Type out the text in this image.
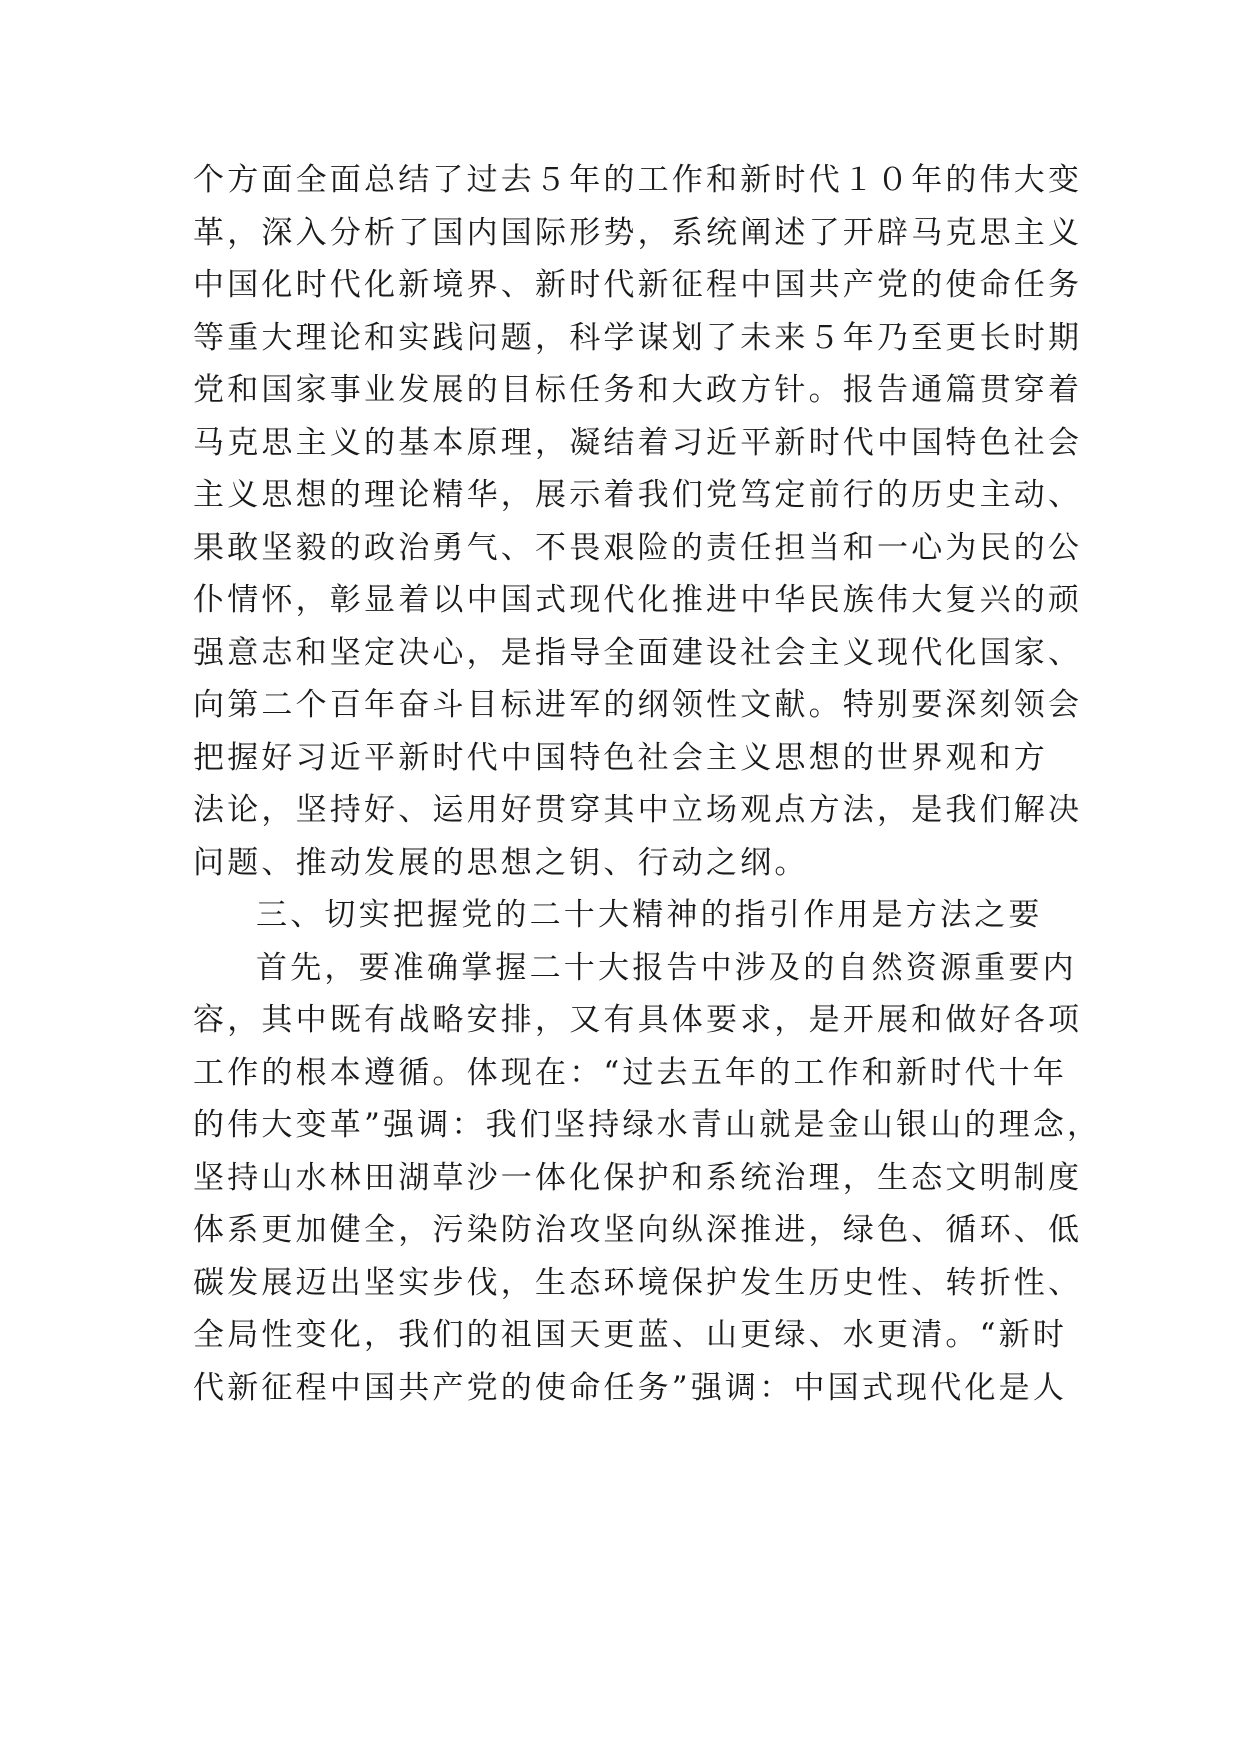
个方面全面总结了过去５年的工作和新时代１０年的伟大变
革，深入分析了国内国际形势，系统阐述了开辟马克思主义
中国化时代化新境界、新时代新征程中国共产党的使命任务
等重大理论和实践问题，科学谋划了未来５年乃至更长时期
党和国家事业发展的目标任务和大政方针。报告通篇贯穿着
马克思主义的基本原理，凝结着习近平新时代中国特色社会
主义思想的理论精华，展示着我们党笃定前行的历史主动、
果敢坚毅的政治勇气、不畏艰险的责任担当和一心为民的公
仆情怀，彰显着以中国式现代化推进中华民族伟大复兴的顽
强意志和坚定决心，是指导全面建设社会主义现代化国家、
向第二个百年奋斗目标进军的纲领性文献。特别要深刻领会
把握好习近平新时代中国特色社会主义思想的世界观和方
法论，坚持好、运用好贯穿其中立场观点方法，是我们解决
问题、推动发展的思想之钥、行动之纲。
三、切实把握党的二十大精神的指引作用是方法之要
首先，要准确掌握二十大报告中涉及的自然资源重要内
容，其中既有战略安排，又有具体要求，是开展和做好各项
工作的根本遵循。体现在：“过去五年的工作和新时代十年
的伟大变革”强调：我们坚持绿水青山就是金山银山的理念，
坚持山水林田湖草沙一体化保护和系统治理，生态文明制度
体系更加健全，污染防治攻坚向纵深推进，绿色、循环、低
碳发展迈出坚实步伐，生态环境保护发生历史性、转折性、
全局性变化，我们的祖国天更蓝、山更绿、水更清。“新时
代新征程中国共产党的使命任务”强调：中国式现代化是人
